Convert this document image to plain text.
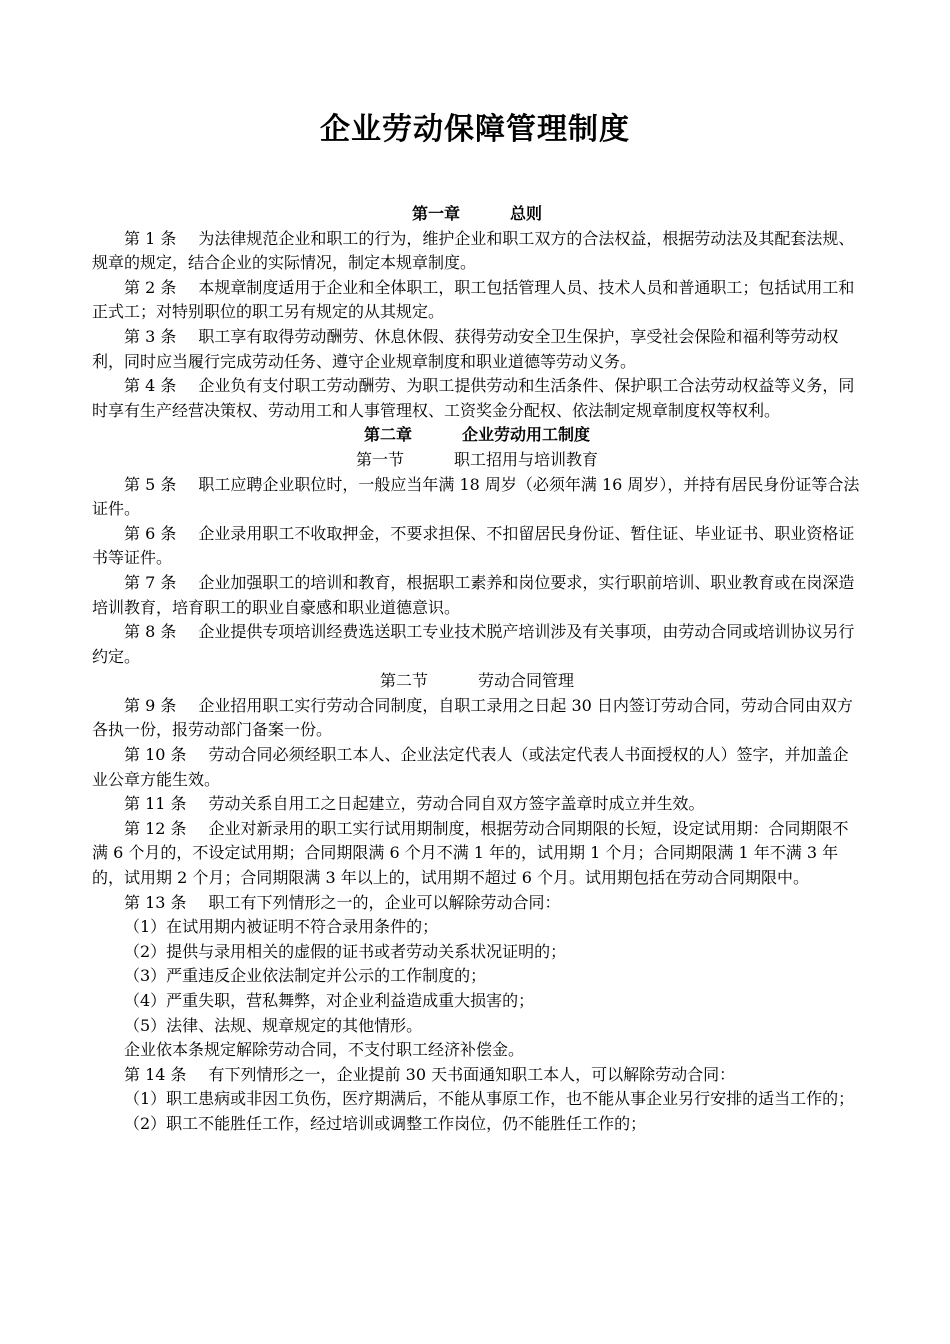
企业劳动保障管理制度
第一章	总则
第 1 条 为法律规范企业和职工的行为，维护企业和职工双方的合法权益，根据劳动法及其配套法规、规章的规定，结合企业的实际情况，制定本规章制度。
第 2 条 本规章制度适用于企业和全体职工，职工包括管理人员、技术人员和普通职工；包括试用工和正式工；对特别职位的职工另有规定的从其规定。
第 3 条 职工享有取得劳动酬劳、休息休假、获得劳动安全卫生保护，享受社会保险和福利等劳动权利，同时应当履行完成劳动任务、遵守企业规章制度和职业道德等劳动义务。
第 4 条 企业负有支付职工劳动酬劳、为职工提供劳动和生活条件、保护职工合法劳动权益等义务，同时享有生产经营决策权、劳动用工和人事管理权、工资奖金分配权、依法制定规章制度权等权利。
第二章	企业劳动用工制度
第一节	职工招用与培训教育
第 5 条 职工应聘企业职位时，一般应当年满 18 周岁（必须年满 16 周岁），并持有居民身份证等合法证件。
第 6 条 企业录用职工不收取押金，不要求担保、不扣留居民身份证、暂住证、毕业证书、职业资格证书等证件。
第 7 条 企业加强职工的培训和教育，根据职工素养和岗位要求，实行职前培训、职业教育或在岗深造培训教育，培育职工的职业自豪感和职业道德意识。
第 8 条 企业提供专项培训经费选送职工专业技术脱产培训涉及有关事项，由劳动合同或培训协议另行约定。
第二节	劳动合同管理
第 9 条 企业招用职工实行劳动合同制度，自职工录用之日起 30 日内签订劳动合同，劳动合同由双方各执一份，报劳动部门备案一份。
第 10 条 劳动合同必须经职工本人、企业法定代表人（或法定代表人书面授权的人）签字，并加盖企业公章方能生效。
第 11 条 劳动关系自用工之日起建立，劳动合同自双方签字盖章时成立并生效。
第 12 条 企业对新录用的职工实行试用期制度，根据劳动合同期限的长短，设定试用期：合同期限不满 6 个月的，不设定试用期；合同期限满 6 个月不满 1 年的，试用期 1 个月；合同期限满 1 年不满 3 年的，试用期 2 个月；合同期限满 3 年以上的，试用期不超过 6 个月。试用期包括在劳动合同期限中。
第 13 条 职工有下列情形之一的，企业可以解除劳动合同：
（1）在试用期内被证明不符合录用条件的；
（2）提供与录用相关的虚假的证书或者劳动关系状况证明的；
（3）严重违反企业依法制定并公示的工作制度的；
（4）严重失职，营私舞弊，对企业利益造成重大损害的；
（5）法律、法规、规章规定的其他情形。
企业依本条规定解除劳动合同，不支付职工经济补偿金。
第 14 条 有下列情形之一，企业提前 30 天书面通知职工本人，可以解除劳动合同：
（1）职工患病或非因工负伤，医疗期满后，不能从事原工作，也不能从事企业另行安排的适当工作的；
（2）职工不能胜任工作，经过培训或调整工作岗位，仍不能胜任工作的；
